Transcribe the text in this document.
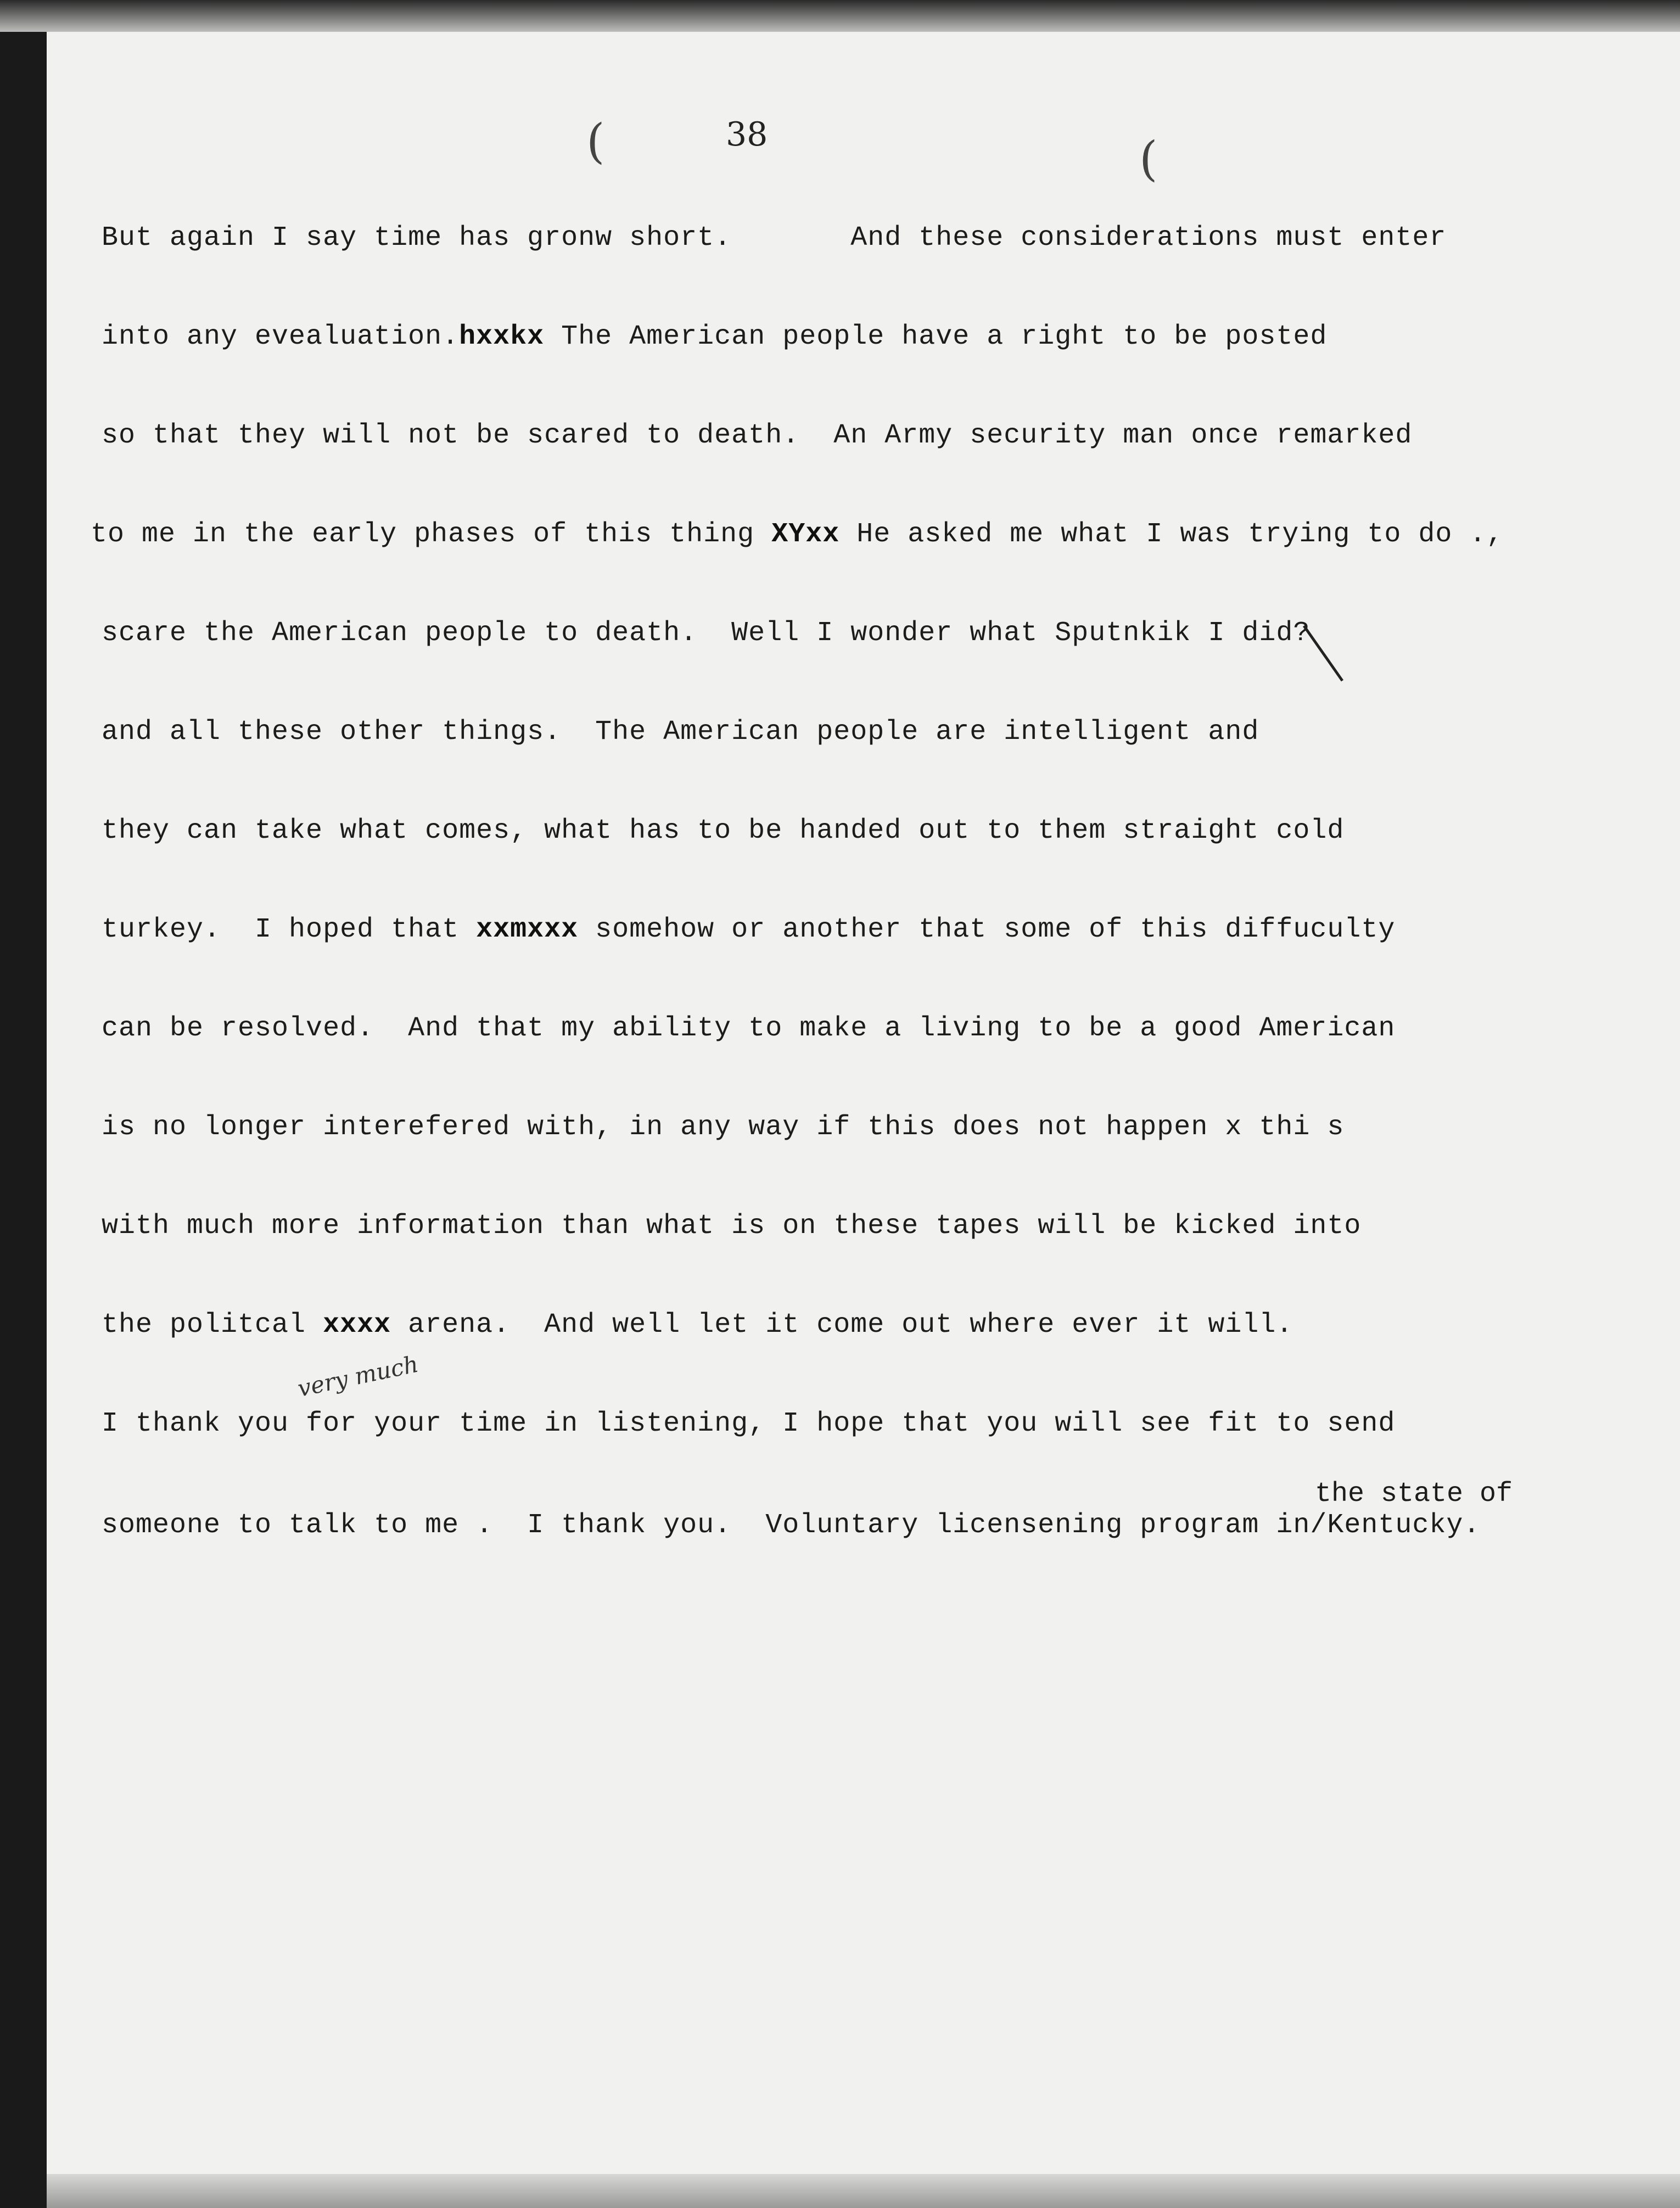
(	(
38
But again I say time has gronw short.       And these considerations must enter
into any evealuation.hxxkx The American people have a right to be posted
so that they will not be scared to death.  An Army security man once remarked
to me in the early phases of this thing XYxx He asked me what I was trying to do .,
scare the American people to death.  Well I wonder what Sputnkik I did?
and all these other things.  The American people are intelligent and
they can take what comes, what has to be handed out to them straight cold
turkey.  I hoped that xxmxxx somehow or another that some of this diffuculty
can be resolved.  And that my ability to make a living to be a good American
is no longer interefered with, in any way if this does not happen x thi s
with much more information than what is on these tapes will be kicked into
the politcal xxxx arena.  And well let it come out where ever it will.
very much
I thank you for your time in listening, I hope that you will see fit to send
the state of
someone to talk to me .  I thank you.  Voluntary licensening program in/Kentucky.
